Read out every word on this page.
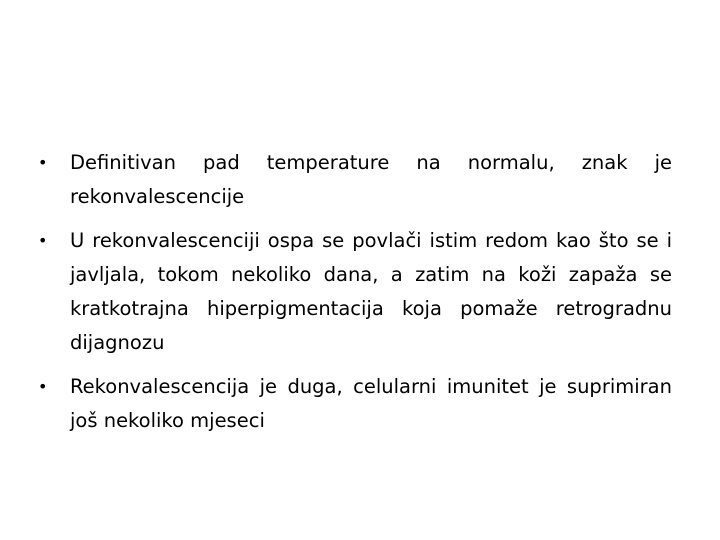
• Definitivan pad temperature na normalu, znak je rekonvalescencije
• U rekonvalescenciji ospa se povlači istim redom kao što se i javljala, tokom nekoliko dana, a zatim na koži zapaža se kratkotrajna hiperpigmentacija koja pomaže retrogradnu dijagnozu
• Rekonvalescencija je duga, celularni imunitet je suprimiran još nekoliko mjeseci
